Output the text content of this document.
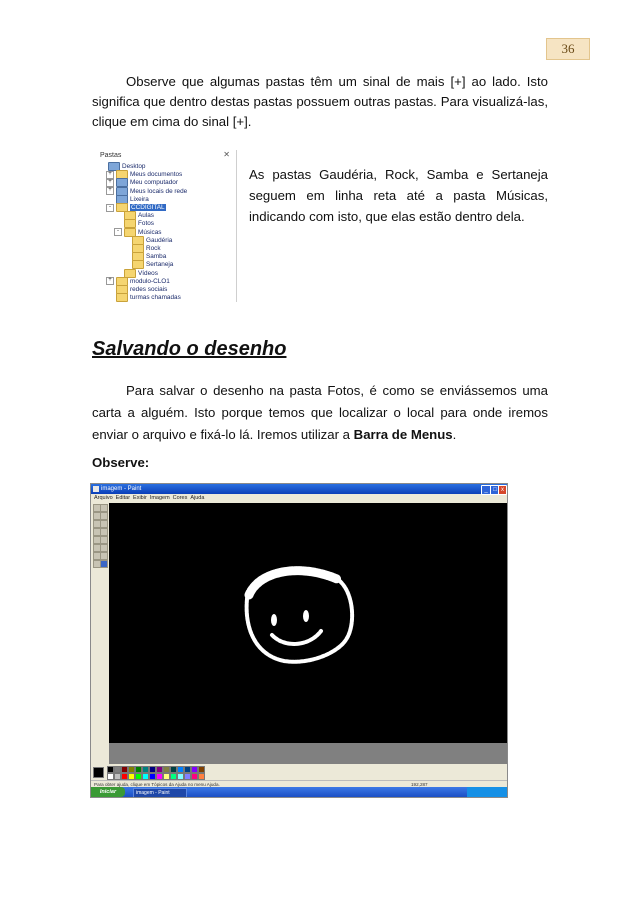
36

Observe que algumas pastas têm um sinal de mais [+] ao lado. Isto significa que dentro destas pastas possuem outras pastas. Para visualizá-las, clique em cima do sinal [+].

Pastas	✕
Desktop
+	Meus documentos
+	Meu computador
+	Meus locais de rede
Lixeira
-	CCDIGITAL
Aulas
Fotos
-	Músicas
Gaudéria
Rock
Samba
Sertaneja
Vídeos
+	modulo-CLO1
redes sociais
turmas chamadas

As pastas Gaudéria, Rock, Samba e Sertaneja seguem em linha reta até a pasta Músicas, indicando com isto, que elas estão dentro dela.

Salvando o desenho

Para salvar o desenho na pasta Fotos, é como se enviássemos uma carta a alguém. Isto porque temos que localizar o local para onde iremos enviar o arquivo e fixá-lo lá. Iremos utilizar a Barra de Menus.

Observe:
imagem - Paint	_ □ x
Arquivo Editar Exibir Imagem Cores Ajuda
Para obter ajuda, clique em Tópicos da Ajuda no menu Ajuda.	192,287
Iniciar	imagem - Paint
